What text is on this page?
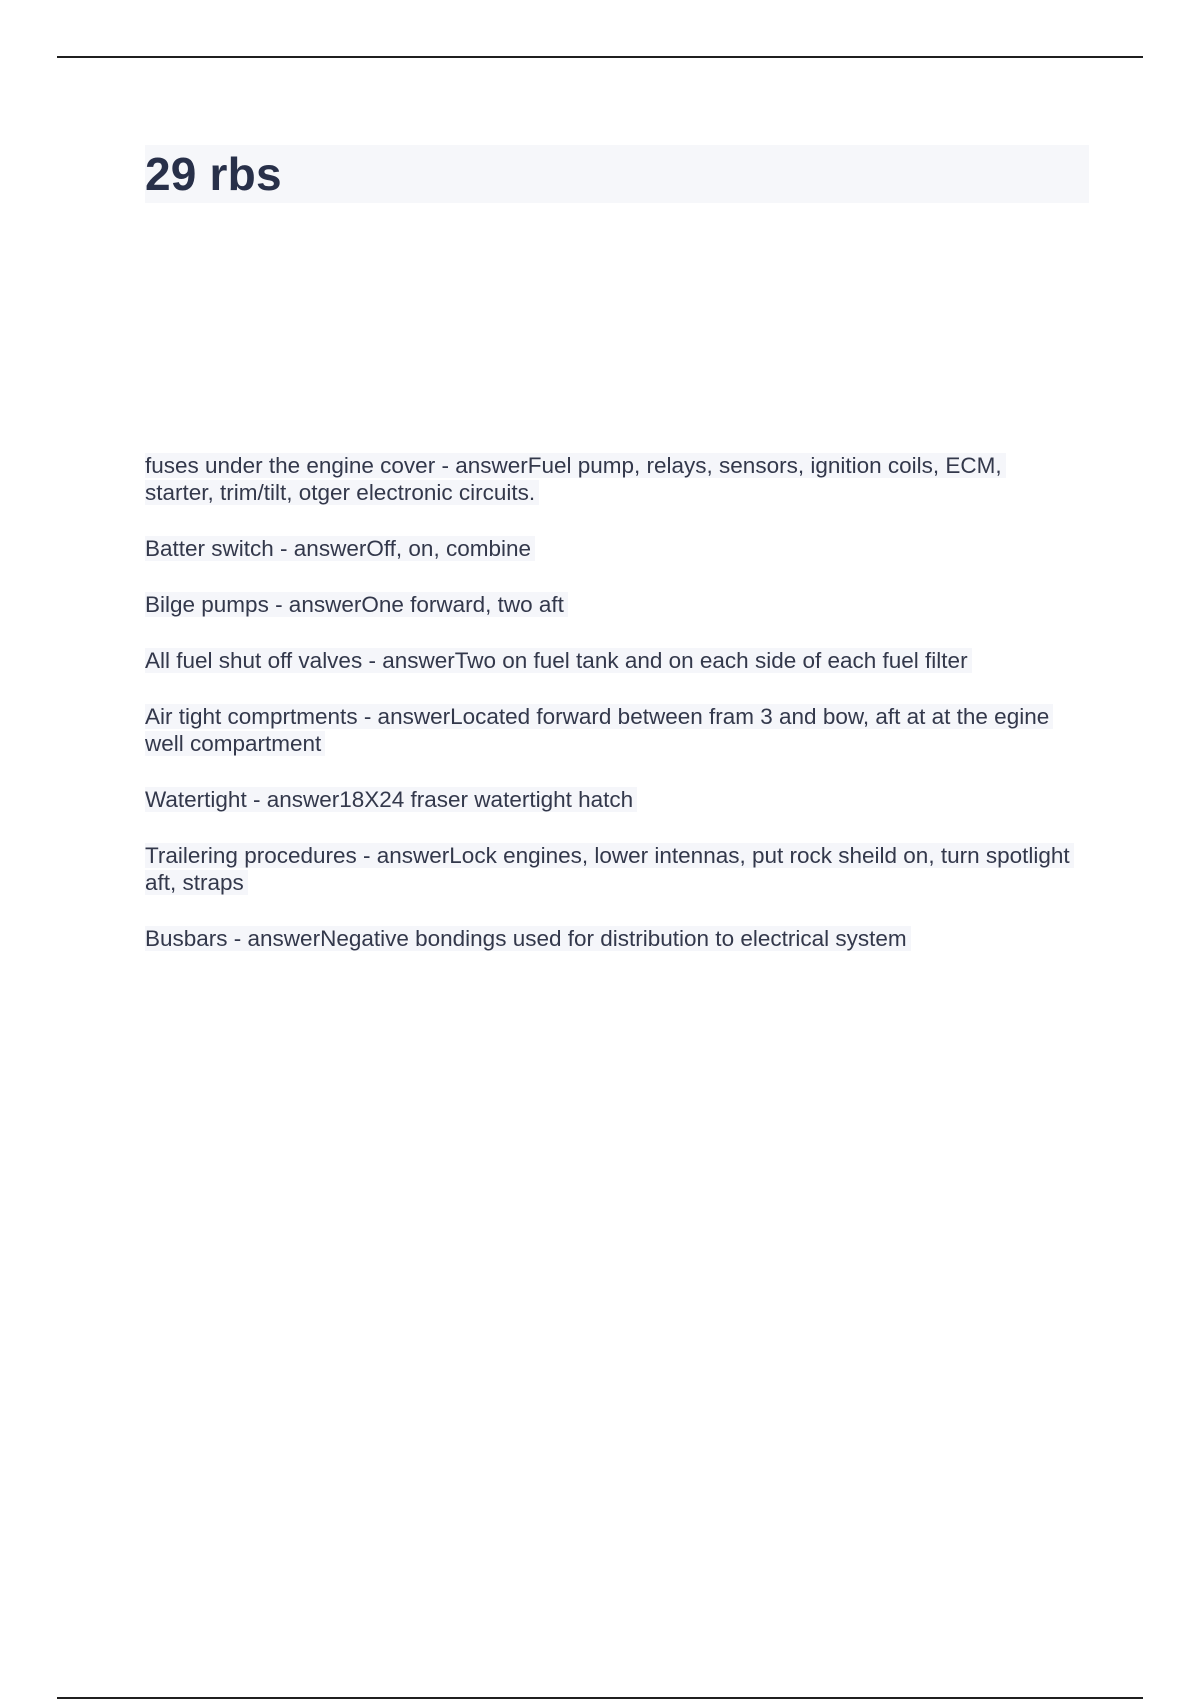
29 rbs
fuses under the engine cover - answerFuel pump, relays, sensors, ignition coils, ECM, starter, trim/tilt, otger electronic circuits.
Batter switch - answerOff, on, combine
Bilge pumps - answerOne forward, two aft
All fuel shut off valves - answerTwo on fuel tank and on each side of each fuel filter
Air tight comprtments - answerLocated forward between fram 3 and bow, aft at at the egine well compartment
Watertight - answer18X24 fraser watertight hatch
Trailering procedures - answerLock engines, lower intennas, put rock sheild on, turn spotlight aft, straps
Busbars - answerNegative bondings used for distribution to electrical system
